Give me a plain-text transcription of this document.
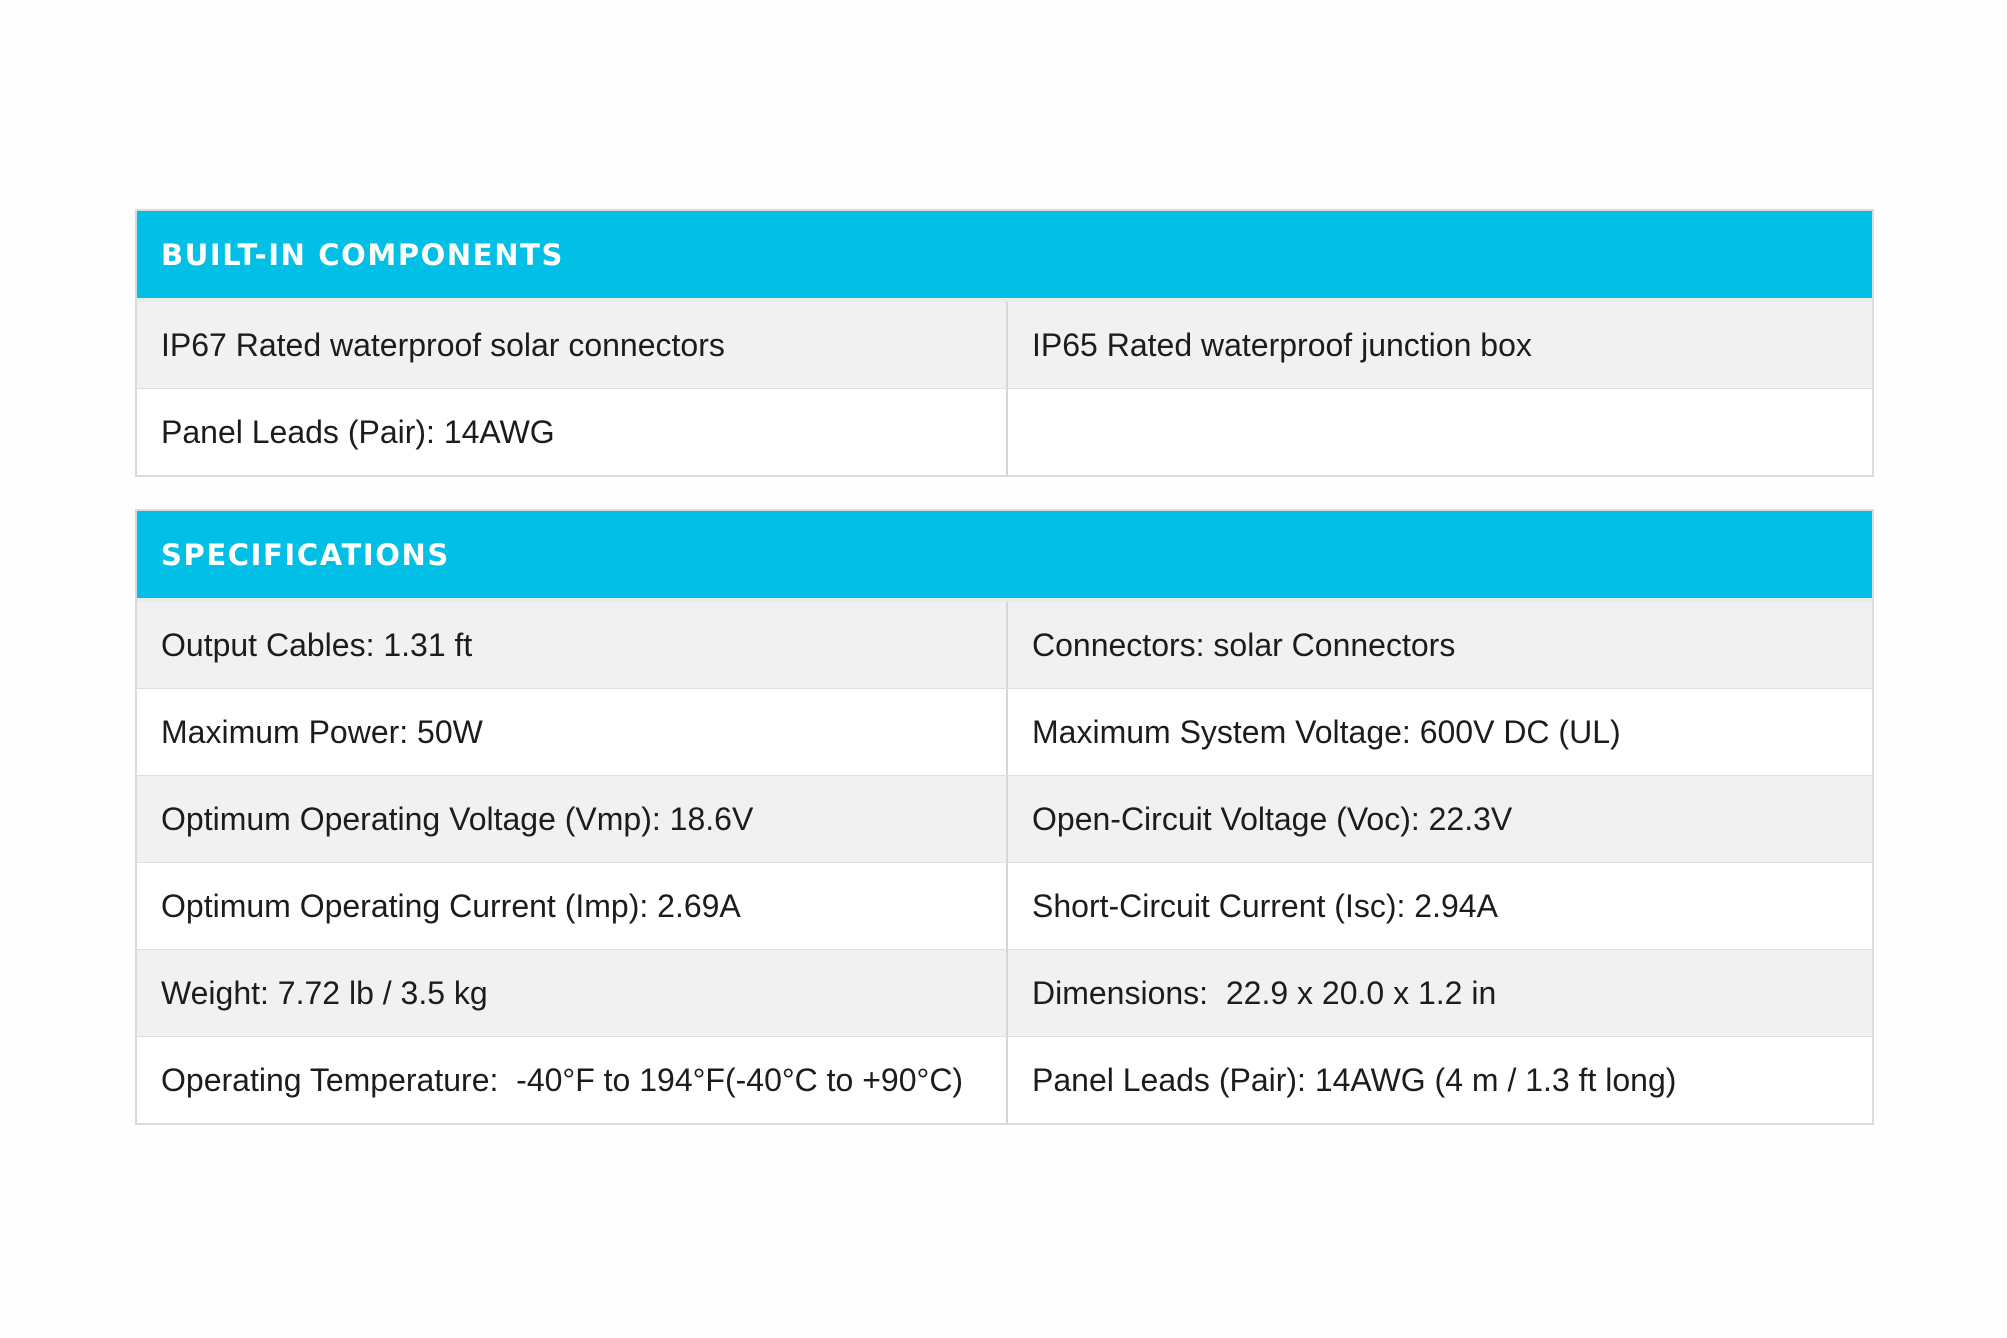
BUILT-IN COMPONENTS
IP67 Rated waterproof solar connectors	IP65 Rated waterproof junction box
Panel Leads (Pair): 14AWG
SPECIFICATIONS
Output Cables: 1.31 ft	Connectors: solar Connectors
Maximum Power: 50W	Maximum System Voltage: 600V DC (UL)
Optimum Operating Voltage (Vmp): 18.6V	Open-Circuit Voltage (Voc): 22.3V
Optimum Operating Current (Imp): 2.69A	Short-Circuit Current (Isc): 2.94A
Weight: 7.72 lb / 3.5 kg	Dimensions:  22.9 x 20.0 x 1.2 in
Operating Temperature:  -40°F to 194°F(-40°C to +90°C)	Panel Leads (Pair): 14AWG (4 m / 1.3 ft long)
